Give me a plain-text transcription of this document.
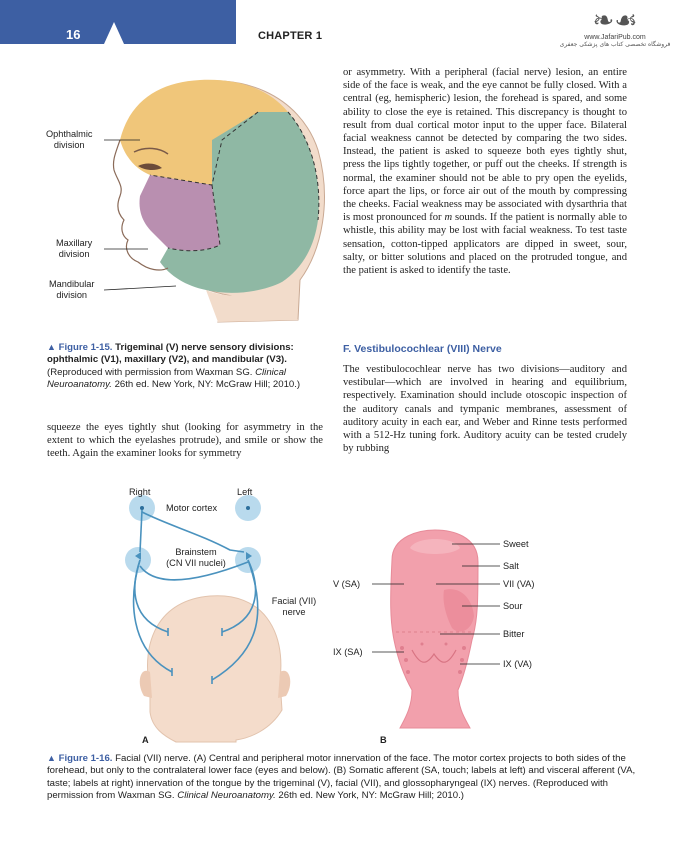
16	CHAPTER 1	❧︎☙
www.JafariPub.com
فروشگاه تخصصی کتاب های پزشکی جعفری
Ophthalmic
division
Maxillary
division
Mandibular
division
▲ Figure 1-15. Trigeminal (V) nerve sensory divisions: ophthalmic (V1), maxillary (V2), and mandibular (V3). (Reproduced with permission from Waxman SG. Clinical Neuroanatomy. 26th ed. New York, NY: McGraw Hill; 2010.)
or asymmetry. With a peripheral (facial nerve) lesion, an entire side of the face is weak, and the eye cannot be fully closed. With a central (eg, hemispheric) lesion, the forehead is spared, and some ability to close the eye is retained. This discrepancy is thought to result from dual cortical motor input to the upper face. Bilateral facial weakness cannot be detected by comparing the two sides. Instead, the patient is asked to squeeze both eyes tightly shut, press the lips tightly together, or puff out the cheeks. If strength is normal, the examiner should not be able to pry open the eyelids, force apart the lips, or force air out of the mouth by compressing the cheeks. Facial weakness may be associated with dysarthria that is most pronounced for m sounds. If the patient is normally able to whistle, this ability may be lost with facial weakness. To test taste sensation, cotton-tipped applicators are dipped in sweet, sour, salty, or bitter solutions and placed on the protruded tongue, and the patient is asked to identify the taste.
F. Vestibulocochlear (VIII) Nerve
The vestibulocochlear nerve has two divisions—auditory and vestibular—which are involved in hearing and equilibrium, respectively. Examination should include otoscopic inspection of the auditory canals and tympanic membranes, assessment of auditory acuity in each ear, and Weber and Rinne tests performed with a 512-Hz tuning fork. Auditory acuity can be tested crudely by rubbing
squeeze the eyes tightly shut (looking for asymmetry in the extent to which the eyelashes protrude), and smile or show the teeth. Again the examiner looks for symmetry
Right	Left
Motor cortex
Brainstem
(CN VII nuclei)
Facial (VII)
nerve
A
Sweet
Salt
VII (VA)
Sour
Bitter
IX (VA)
V (SA)
IX (SA)
B
▲ Figure 1-16. Facial (VII) nerve. (A) Central and peripheral motor innervation of the face. The motor cortex projects to both sides of the forehead, but only to the contralateral lower face (eyes and below). (B) Somatic afferent (SA, touch; labels at left) and visceral afferent (VA, taste; labels at right) innervation of the tongue by the trigeminal (V), facial (VII), and glossopharyngeal (IX) nerves. (Reproduced with permission from Waxman SG. Clinical Neuroanatomy. 26th ed. New York, NY: McGraw Hill; 2010.)
